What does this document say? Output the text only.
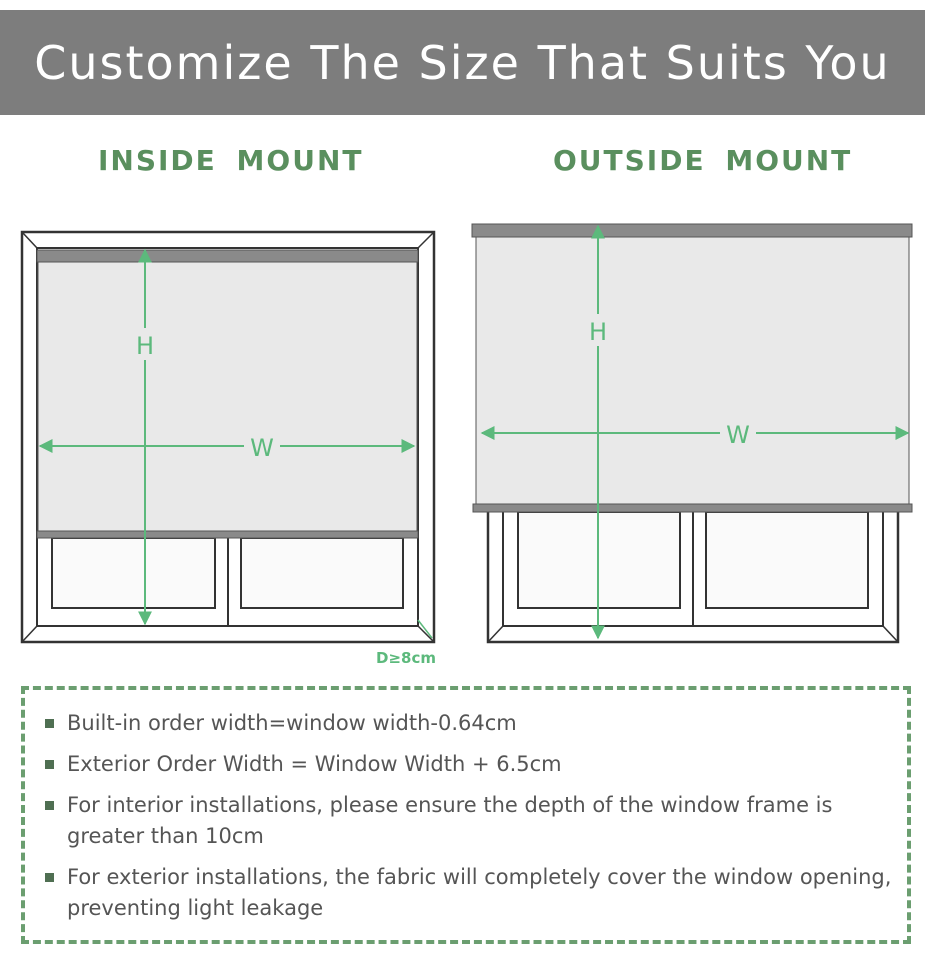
Customize The Size That Suits You
INSIDE MOUNT	OUTSIDE MOUNT
H
W
D≥8cm
H
W
Built-in order width=window width-0.64cm
Exterior Order Width = Window Width + 6.5cm
For interior installations, please ensure the depth of the window frame is greater than 10cm
For exterior installations, the fabric will completely cover the window opening, preventing light leakage
